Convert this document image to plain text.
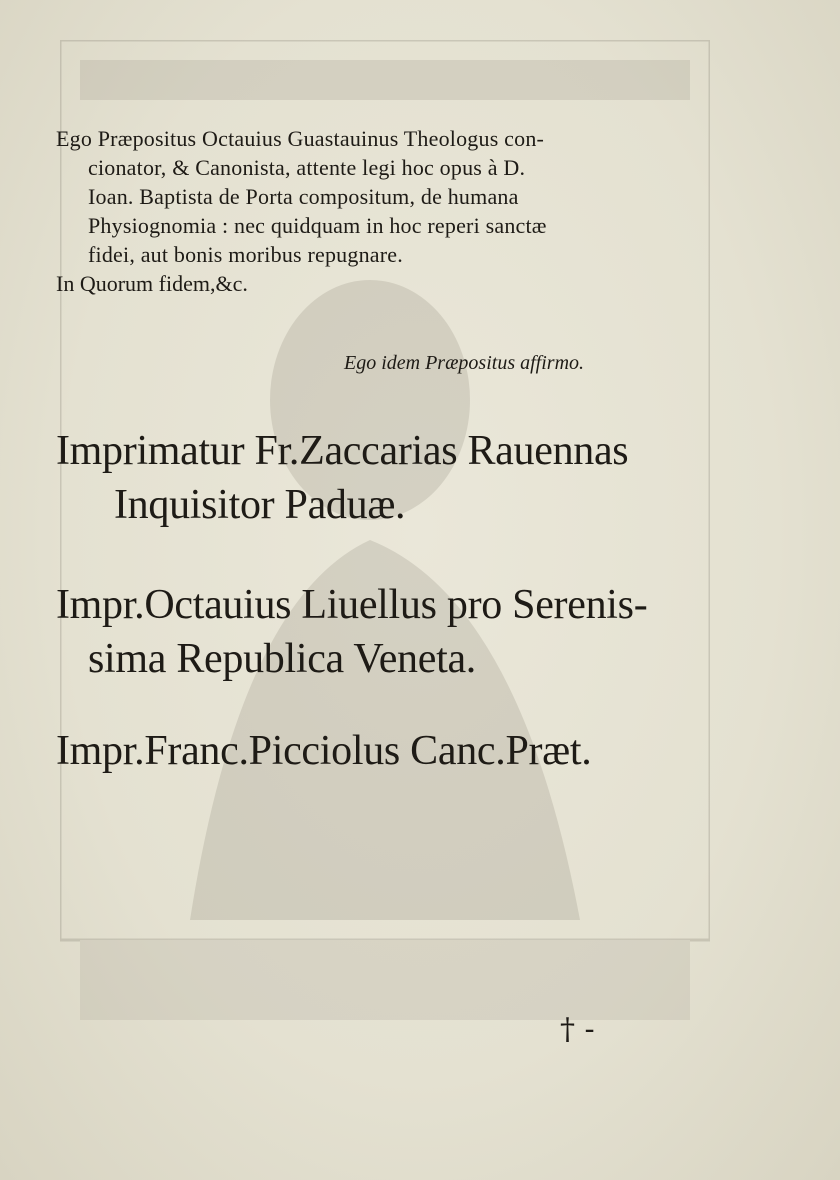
Ego Præpositus Octauius Guastauinus Theologus con-

cionator, & Canonista, attente legi hoc opus à D.

Ioan. Baptista de Porta compositum, de humana

Physiognomia : nec quidquam in hoc reperi sanctæ

fidei, aut bonis moribus repugnare.

In Quorum fidem,&c.

Ego idem Præpositus affirmo.
Imprimatur Fr.Zaccarias Rauennas
Inquisitor Paduæ.
Impr.Octauius Liuellus pro Serenis-
sima Republica Veneta.
Impr.Franc.Picciolus Canc.Præt.
† -
